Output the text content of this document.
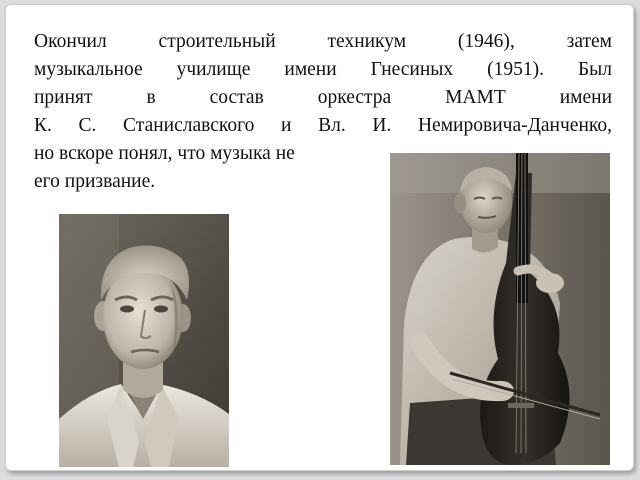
Окончил строительный техникум (1946), затем
музыкальное училище имени Гнесиных (1951). Был
принят в состав оркестра МАМТ имени
К. С. Станиславского и Вл. И. Немировича-Данченко,
но вскоре понял, что музыка не
его призвание.
